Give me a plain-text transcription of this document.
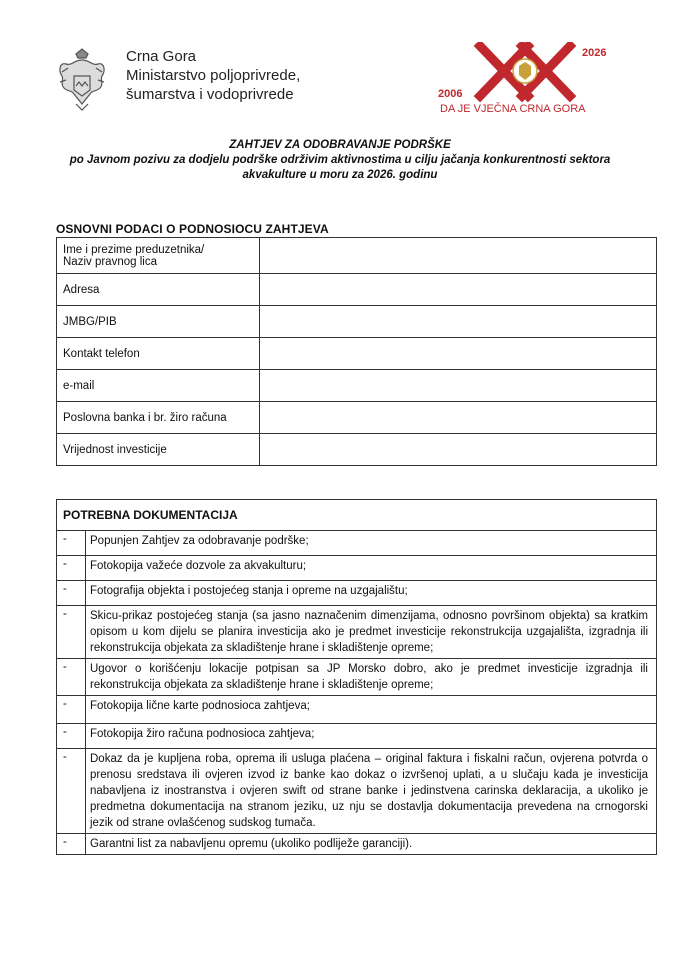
Crna Gora
Ministarstvo poljoprivrede,
šumarstva i vodoprivrede
2026
2006
DA JE VJEČNA CRNA GORA
ZAHTJEV ZA ODOBRAVANJE PODRŠKE
po Javnom pozivu za dodjelu podrške održivim aktivnostima u cilju jačanja konkurentnosti sektora
akvakulture u moru za 2026. godinu
OSNOVNI PODACI O PODNOSIOCU ZAHTJEVA
Ime i prezime preduzetnika/
Naziv pravnog lica	

Adresa	
JMBG/PIB	
Kontakt telefon	
e-mail	
Poslovna banka i br. žiro računa	
Vrijednost investicije	
POTREBNA DOKUMENTACIJA	
-	Popunjen Zahtjev za odobravanje podrške;
-	Fotokopija važeće dozvole za akvakulturu;
-	Fotografija objekta i postojećeg stanja i opreme na uzgajalištu;
-	Skicu-prikaz postojećeg stanja (sa jasno naznačenim dimenzijama, odnosno površinom objekta) sa kratkim opisom u kom dijelu se planira investicija ako je predmet investicije rekonstrukcija uzgajališta, izgradnja ili rekonstrukcija objekata za skladištenje hrane i skladištenje opreme;
-	Ugovor o korišćenju lokacije potpisan sa JP Morsko dobro, ako je predmet investicije izgradnja ili rekonstrukcija objekata za skladištenje hrane i skladištenje opreme;
-	Fotokopija lične karte podnosioca zahtjeva;
-	Fotokopija žiro računa podnosioca zahtjeva;
-	Dokaz da je kupljena roba, oprema ili usluga plaćena – original faktura i fiskalni račun, ovjerena potvrda o prenosu sredstava ili ovjeren izvod iz banke kao dokaz o izvršenoj uplati, a u slučaju kada je investicija nabavljena iz inostranstva i ovjeren swift od strane banke i jedinstvena carinska deklaracija, a ukoliko je predmetna dokumentacija na stranom jeziku, uz nju se dostavlja dokumentacija prevedena na crnogorski jezik od strane ovlašćenog sudskog tumača.
-	Garantni list za nabavljenu opremu (ukoliko podliježe garanciji).
